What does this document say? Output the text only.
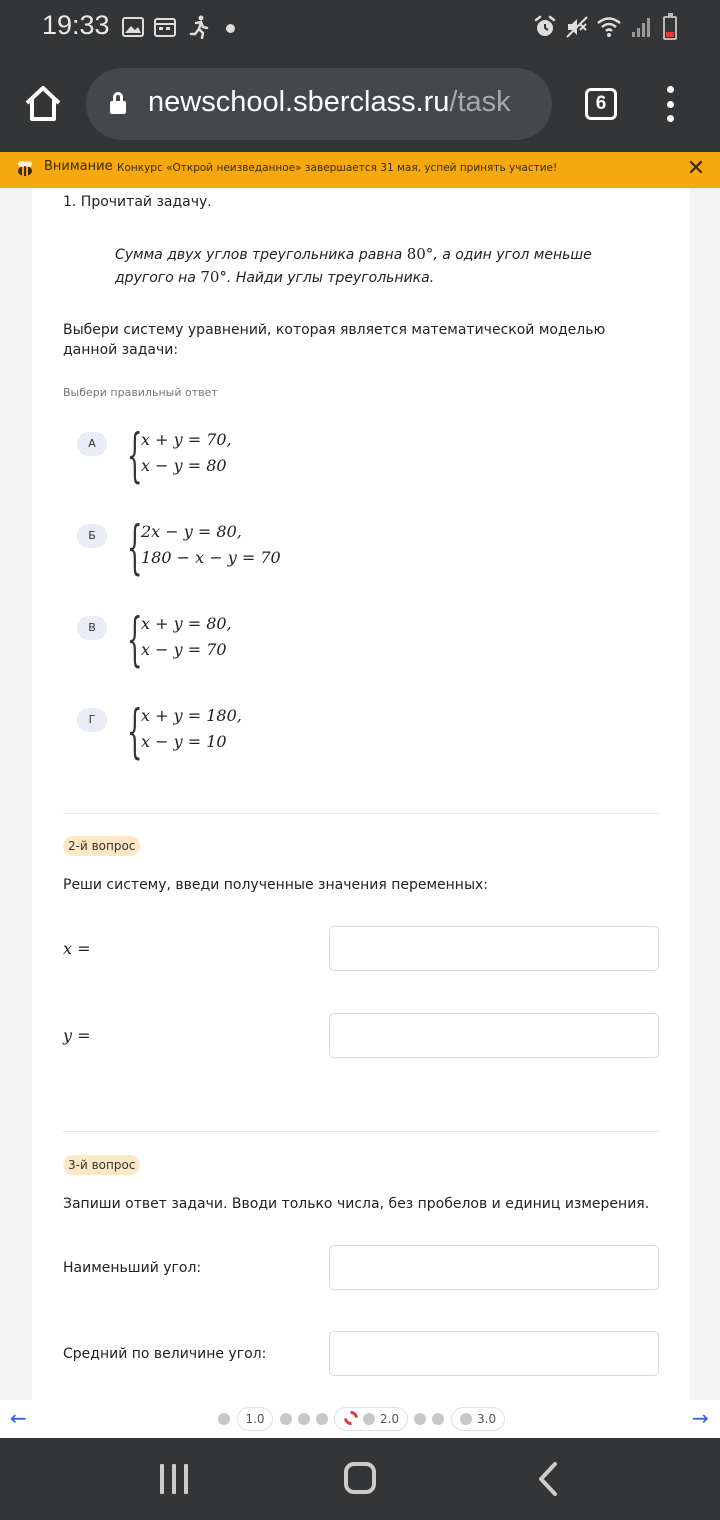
19:33
newschool.sberclass.ru/task	6
Внимание Конкурс «Открой неизведанное» завершается 31 мая, успей принять участие!	✕
1. Прочитай задачу.
Сумма двух углов треугольника равна 80°, а один угол меньше другого на 70°. Найди углы треугольника.
Выбери систему уравнений, которая является математической моделью данной задачи:
Выбери правильный ответ
А {
x + y = 70,
x − y = 80
Б {
2x − y = 80,
180 − x − y = 70
В {
x + y = 80,
x − y = 70
Г {
x + y = 180,
x − y = 10
2-й вопрос
Реши систему, введи полученные значения переменных:
x =
y =
3-й вопрос
Запиши ответ задачи. Вводи только числа, без пробелов и единиц измерения.
Наименьший угол:
Средний по величине угол:
←	1.0	2.0	3.0	→
